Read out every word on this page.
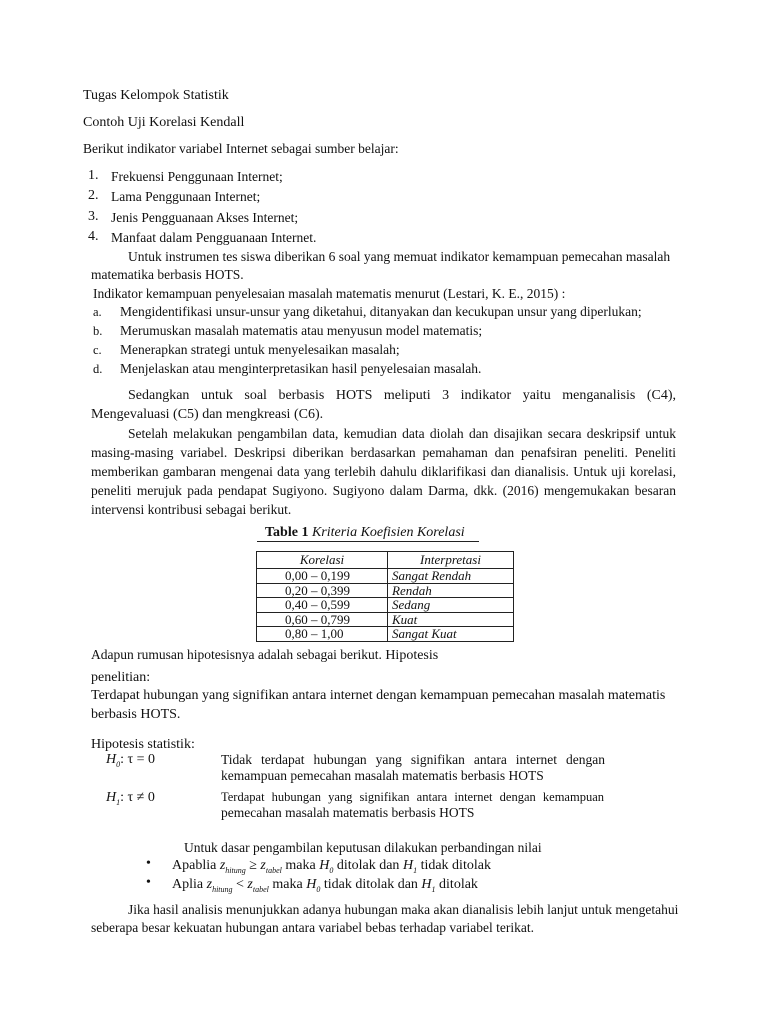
Tugas Kelompok Statistik
Contoh Uji Korelasi Kendall
Berikut indikator variabel Internet sebagai sumber belajar:
1. Frekuensi Penggunaan Internet;
2. Lama Penggunaan Internet;
3. Jenis Pengguanaan Akses Internet;
4. Manfaat dalam Pengguanaan Internet.
Untuk instrumen tes siswa diberikan 6 soal yang memuat indikator kemampuan pemecahan masalah
matematika berbasis HOTS.
Indikator kemampuan penyelesaian masalah matematis menurut (Lestari, K. E., 2015) :
a. Mengidentifikasi unsur-unsur yang diketahui, ditanyakan dan kecukupan unsur yang diperlukan;
b. Merumuskan masalah matematis atau menyusun model matematis;
c. Menerapkan strategi untuk menyelesaikan masalah;
d. Menjelaskan atau menginterpretasikan hasil penyelesaian masalah.
Sedangkan untuk soal berbasis HOTS meliputi 3 indikator yaitu menganalisis (C4),
Mengevaluasi (C5) dan mengkreasi (C6).
Setelah melakukan pengambilan data, kemudian data diolah dan disajikan secara deskripsif untuk
masing-masing variabel. Deskripsi diberikan berdasarkan pemahaman dan penafsiran peneliti. Peneliti
memberikan gambaran mengenai data yang terlebih dahulu diklarifikasi dan dianalisis. Untuk uji korelasi,
peneliti merujuk pada pendapat Sugiyono. Sugiyono dalam Darma, dkk. (2016) mengemukakan besaran
intervensi kontribusi sebagai berikut.
Table 1 Kriteria Koefisien Korelasi
Korelasi	Interpretasi
0,00 – 0,199	Sangat Rendah
0,20 – 0,399	Rendah
0,40 – 0,599	Sedang
0,60 – 0,799	Kuat
0,80 – 1,00	Sangat Kuat
Adapun rumusan hipotesisnya adalah sebagai berikut. Hipotesis
penelitian:
Terdapat hubungan yang signifikan antara internet dengan kemampuan pemecahan masalah matematis
berbasis HOTS.
Hipotesis statistik:
$H_0$: τ = 0	Tidak terdapat hubungan yang signifikan antara internet dengan
kemampuan pemecahan masalah matematis berbasis HOTS
$H_1$: τ ≠ 0	Terdapat hubungan yang signifikan antara internet dengan kemampuan
pemecahan masalah matematis berbasis HOTS
Untuk dasar pengambilan keputusan dilakukan perbandingan nilai
• Apablia $z_{hitung} \ge z_{tabel}$ maka $H_0$ ditolak dan $H_1$ tidak ditolak
• Aplia $z_{hitung} < z_{tabel}$ maka $H_0$ tidak ditolak dan $H_1$ ditolak
Jika hasil analisis menunjukkan adanya hubungan maka akan dianalisis lebih lanjut untuk mengetahui
seberapa besar kekuatan hubungan antara variabel bebas terhadap variabel terikat.
